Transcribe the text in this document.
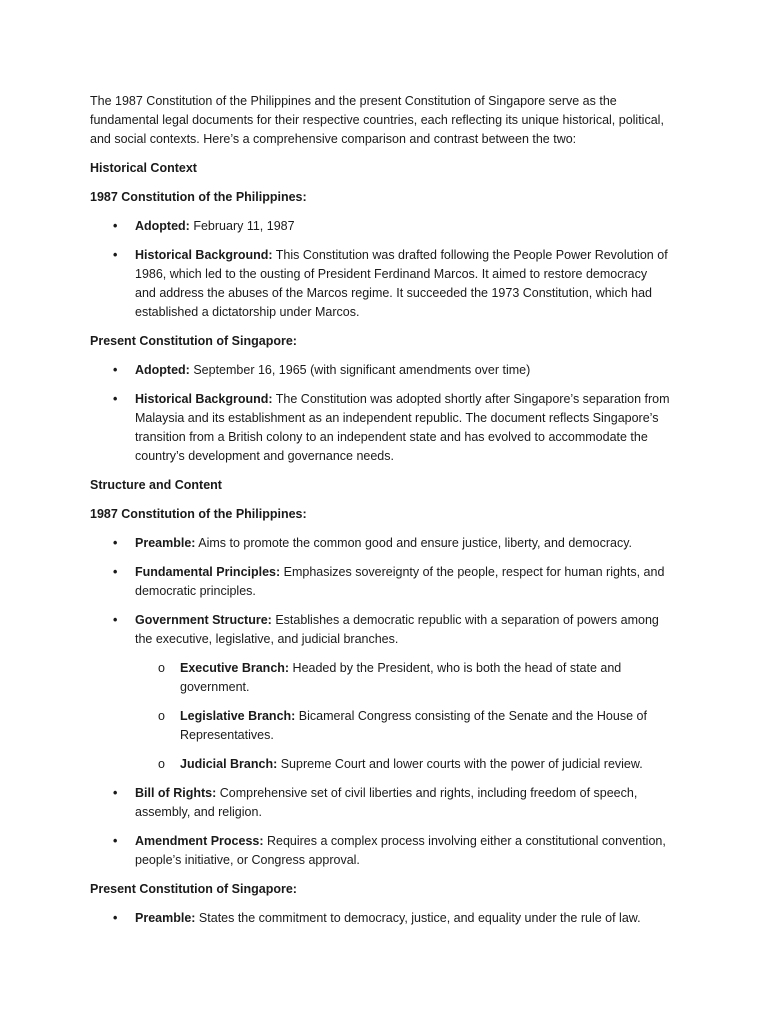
The 1987 Constitution of the Philippines and the present Constitution of Singapore serve as the fundamental legal documents for their respective countries, each reflecting its unique historical, political, and social contexts. Here’s a comprehensive comparison and contrast between the two:

Historical Context

1987 Constitution of the Philippines:

• Adopted: February 11, 1987
• Historical Background: This Constitution was drafted following the People Power Revolution of 1986, which led to the ousting of President Ferdinand Marcos. It aimed to restore democracy and address the abuses of the Marcos regime. It succeeded the 1973 Constitution, which had established a dictatorship under Marcos.

Present Constitution of Singapore:

• Adopted: September 16, 1965 (with significant amendments over time)
• Historical Background: The Constitution was adopted shortly after Singapore’s separation from Malaysia and its establishment as an independent republic. The document reflects Singapore’s transition from a British colony to an independent state and has evolved to accommodate the country’s development and governance needs.

Structure and Content

1987 Constitution of the Philippines:

• Preamble: Aims to promote the common good and ensure justice, liberty, and democracy.
• Fundamental Principles: Emphasizes sovereignty of the people, respect for human rights, and democratic principles.
• Government Structure: Establishes a democratic republic with a separation of powers among the executive, legislative, and judicial branches.
o Executive Branch: Headed by the President, who is both the head of state and government.
o Legislative Branch: Bicameral Congress consisting of the Senate and the House of Representatives.
o Judicial Branch: Supreme Court and lower courts with the power of judicial review.
• Bill of Rights: Comprehensive set of civil liberties and rights, including freedom of speech, assembly, and religion.
• Amendment Process: Requires a complex process involving either a constitutional convention, people’s initiative, or Congress approval.

Present Constitution of Singapore:

• Preamble: States the commitment to democracy, justice, and equality under the rule of law.
